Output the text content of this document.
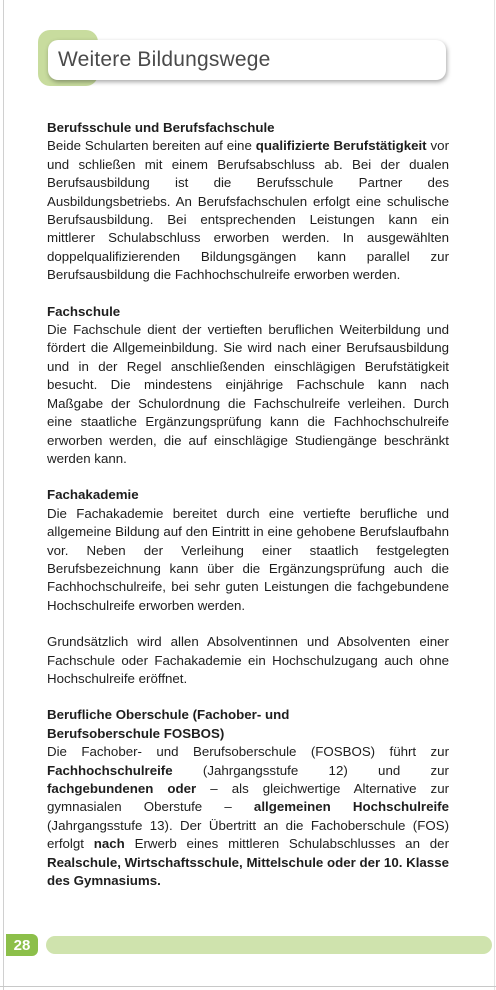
Weitere Bildungswege
Berufsschule und Berufsfachschule

Beide Schularten bereiten auf eine qualifizierte Berufstätigkeit vor und schließen mit einem Berufsabschluss ab. Bei der dualen Berufsausbildung ist die Berufsschule Partner des Ausbildungsbetriebs. An Berufsfachschulen erfolgt eine schulische Berufsausbildung. Bei entsprechenden Leistungen kann ein mittlerer Schulabschluss erworben werden. In ausgewählten doppelqualifizierenden Bildungsgängen kann parallel zur Berufsausbildung die Fachhochschulreife erworben werden.

Fachschule

Die Fachschule dient der vertieften beruflichen Weiterbildung und fördert die Allgemeinbildung. Sie wird nach einer Berufsausbildung und in der Regel anschließenden einschlägigen Berufstätigkeit besucht. Die mindestens einjährige Fachschule kann nach Maßgabe der Schulordnung die Fachschulreife verleihen. Durch eine staatliche Ergänzungsprüfung kann die Fachhochschulreife erworben werden, die auf einschlägige Studiengänge beschränkt werden kann.

Fachakademie

Die Fachakademie bereitet durch eine vertiefte berufliche und allgemeine Bildung auf den Eintritt in eine gehobene Berufslaufbahn vor. Neben der Verleihung einer staatlich festgelegten Berufsbezeichnung kann über die Ergänzungsprüfung auch die Fachhochschulreife, bei sehr guten Leistungen die fachgebundene Hochschulreife erworben werden.

Grundsätzlich wird allen Absolventinnen und Absolventen einer Fachschule oder Fachakademie ein Hochschulzugang auch ohne Hochschulreife eröffnet.

Berufliche Oberschule (Fachober- und
Berufsoberschule FOSBOS)

Die Fachober- und Berufsoberschule (FOSBOS) führt zur Fachhochschulreife (Jahrgangsstufe 12) und zur fachgebundenen oder – als gleichwertige Alternative zur gymnasialen Oberstufe – allgemeinen Hochschulreife (Jahrgangsstufe 13). Der Übertritt an die Fachoberschule (FOS) erfolgt nach Erwerb eines mittleren Schulabschlusses an der Realschule, Wirtschaftsschule, Mittelschule oder der 10. Klasse des Gymnasiums.

28
